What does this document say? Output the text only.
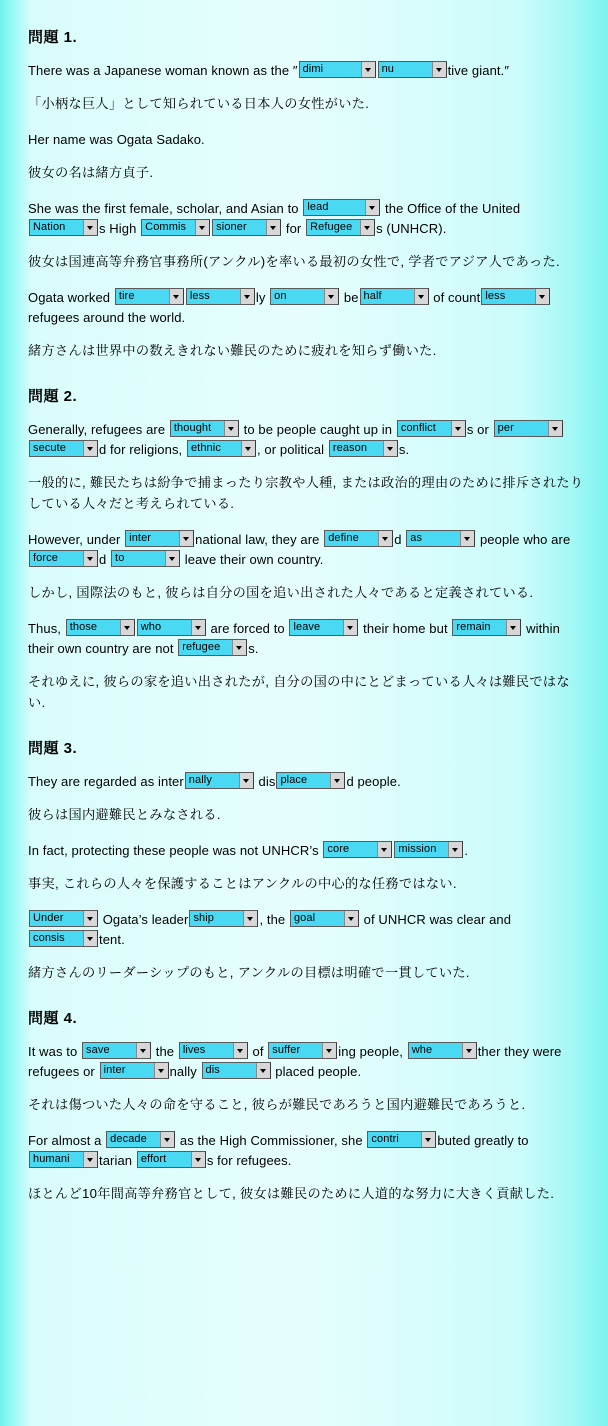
問題 1.
There was a Japanese woman known as the ″ dimi	nu	tive giant.″
「小柄な巨人」として知られている日本人の女性がいた.
Her name was Ogata Sadako.
彼女の名は緒方貞子.
She was the first female, scholar, and Asian to lead	the Office of the United Nation	s High Commis	sioner	for Refugee s (UNHCR).
彼女は国連高等弁務官事務所(アンクル)を率いる最初の女性で, 学者でアジア人であった.
Ogata worked tire	less	ly on	be half	of count less refugees around the world.
緒方さんは世界中の数えきれない難民のために疲れを知らず働いた.
問題 2.
Generally, refugees are thought to be people caught up in conflict s or persecute	d for religions, ethnic	, or political reason s.
一般的に, 難民たちは紛争で捕まったり宗教や人種, または政治的理由のために排斥されたりしている人々だと考えられている.
However, under inter	national law, they are define	d as	people who are force	d to	leave their own country.
しかし, 国際法のもと, 彼らは自分の国を追い出された人々であると定義されている.
Thus, those	who	are forced to leave	their home but remain within their own country are not refugee s.
それゆえに, 彼らの家を追い出されたが, 自分の国の中にとどまっている人々は難民ではない.
問題 3.
They are regarded as inter nally	dis place	d people.
彼らは国内避難民とみなされる.
In fact, protecting these people was not UNHCR’s core	mission .
事実, これらの人々を保護することはアンクルの中心的な任務ではない.
Under	Ogata’s leader ship	, the goal	of UNHCR was clear and consis	tent.
緒方さんのリーダーシップのもと, アンクルの目標は明確で一貫していた.
問題 4.
It was to save	the lives	of suffer	ing people, whe	ther they were refugees or inter	nally dis	placed people.
それは傷ついた人々の命を守ること, 彼らが難民であろうと国内避難民であろうと.
For almost a decade as the High Commissioner, she contri	buted greatly to humani tarian effort	s for refugees.
ほとんど10年間高等弁務官として, 彼女は難民のために人道的な努力に大きく貢献した.
